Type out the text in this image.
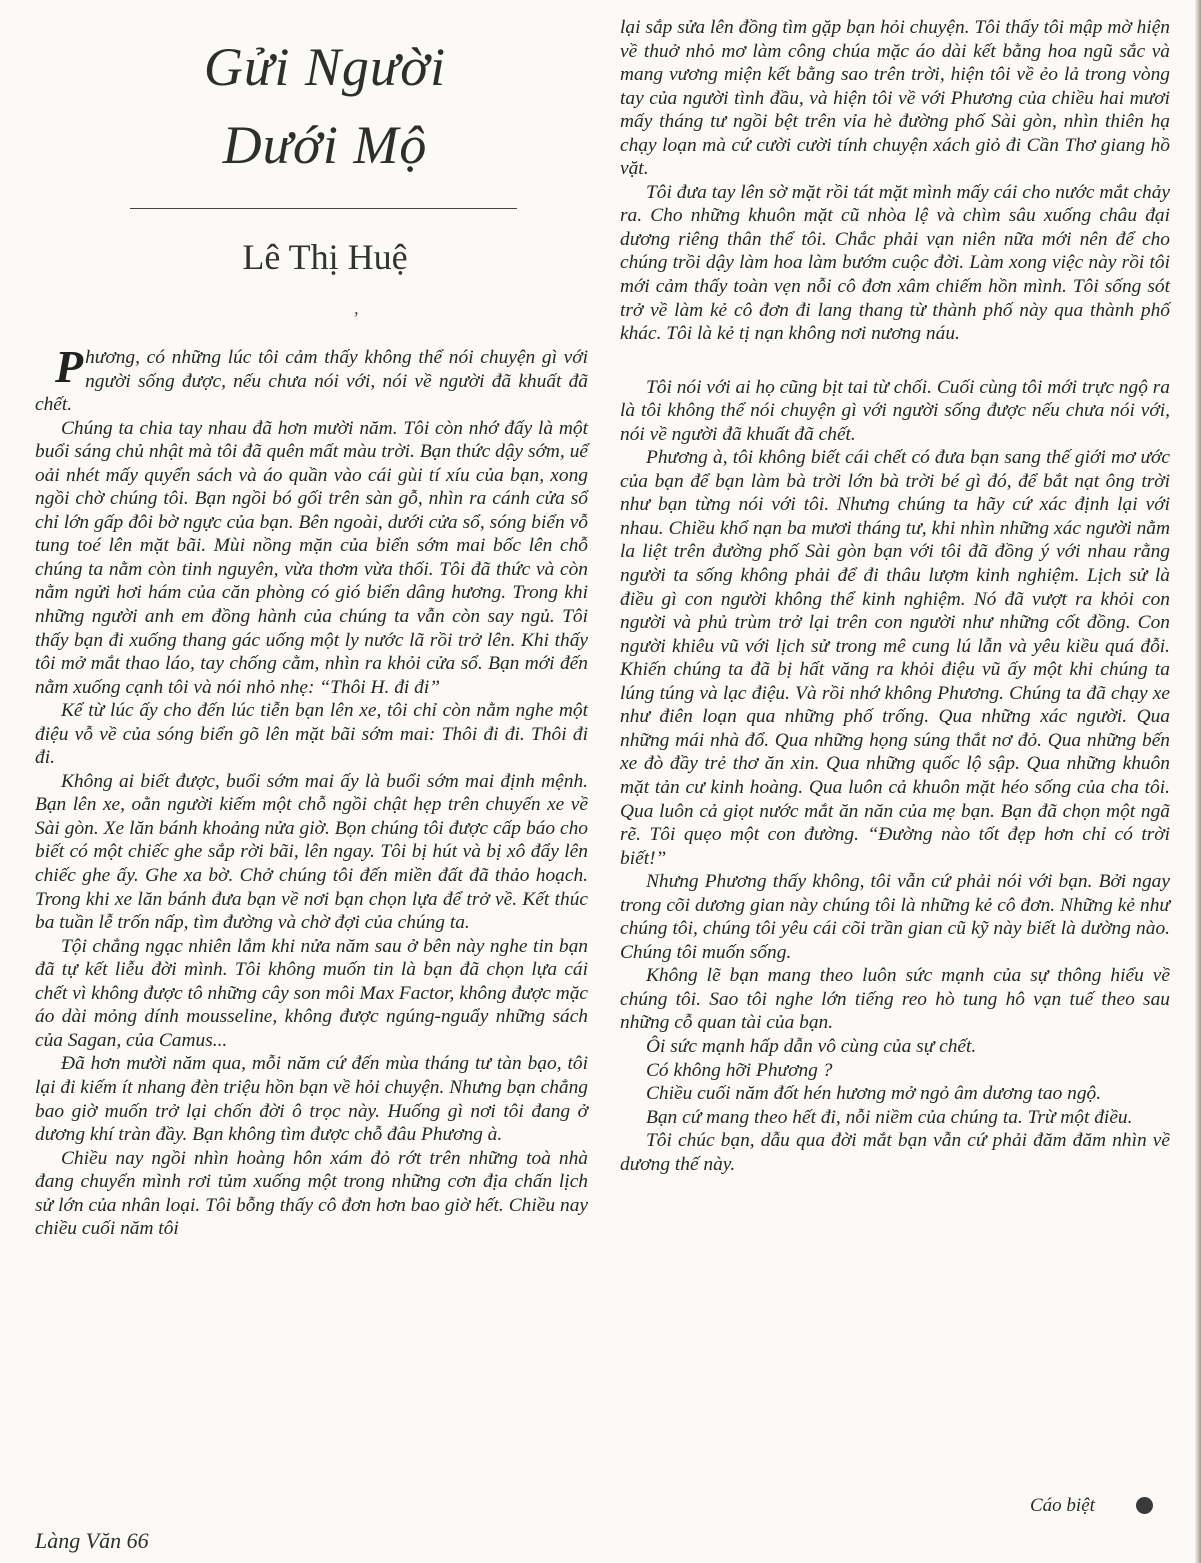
Gửi Người
Dưới Mộ
Lê Thị Huệ
ʼ

Phương, có những lúc tôi cảm thấy không thể nói chuyện gì với người sống được, nếu chưa nói với, nói về người đã khuất đã chết.

Chúng ta chia tay nhau đã hơn mười năm. Tôi còn nhớ đấy là một buổi sáng chủ nhật mà tôi đã quên mất màu trời. Bạn thức dậy sớm, uể oải nhét mấy quyển sách và áo quần vào cái gùi tí xíu của bạn, xong ngồi chờ chúng tôi. Bạn ngồi bó gối trên sàn gỗ, nhìn ra cánh cửa sổ chỉ lớn gấp đôi bờ ngực của bạn. Bên ngoài, dưới cửa sổ, sóng biển vỗ tung toé lên mặt bãi. Mùi nồng mặn của biển sớm mai bốc lên chỗ chúng ta nằm còn tinh nguyên, vừa thơm vừa thối. Tôi đã thức và còn nằm ngửi hơi hám của căn phòng có gió biển dâng hương. Trong khi những người anh em đồng hành của chúng ta vẫn còn say ngủ. Tôi thấy bạn đi xuống thang gác uống một ly nước lã rồi trở lên. Khi thấy tôi mở mắt thao láo, tay chống cằm, nhìn ra khỏi cửa sổ. Bạn mới đến nằm xuống cạnh tôi và nói nhỏ nhẹ: “Thôi H. đi đi”

Kể từ lúc ấy cho đến lúc tiễn bạn lên xe, tôi chỉ còn nằm nghe một điệu vỗ về của sóng biển gõ lên mặt bãi sớm mai: Thôi đi đi. Thôi đi đi.

Không ai biết được, buổi sớm mai ấy là buổi sớm mai định mệnh. Bạn lên xe, oằn người kiếm một chỗ ngồi chật hẹp trên chuyến xe về Sài gòn. Xe lăn bánh khoảng nửa giờ. Bọn chúng tôi được cấp báo cho biết có một chiếc ghe sắp rời bãi, lên ngay. Tôi bị hút và bị xô đẩy lên chiếc ghe ấy. Ghe xa bờ. Chở chúng tôi đến miền đất đã thảo hoạch. Trong khi xe lăn bánh đưa bạn về nơi bạn chọn lựa để trở về. Kết thúc ba tuần lễ trốn nấp, tìm đường và chờ đợi của chúng ta.

Tội chẳng ngạc nhiên lắm khi nửa năm sau ở bên này nghe tin bạn đã tự kết liễu đời mình. Tôi không muốn tin là bạn đã chọn lựa cái chết vì không được tô những cây son môi Max Factor, không được mặc áo dài mỏng dính mousseline, không được ngúng-nguẩy những sách của Sagan, của Camus...

Đã hơn mười năm qua, mỗi năm cứ đến mùa tháng tư tàn bạo, tôi lại đi kiếm ít nhang đèn triệu hồn bạn về hỏi chuyện. Nhưng bạn chẳng bao giờ muốn trở lại chốn đời ô trọc này. Huống gì nơi tôi đang ở dương khí tràn đầy. Bạn không tìm được chỗ đâu Phương à.

Chiều nay ngồi nhìn hoàng hôn xám đỏ rớt trên những toà nhà đang chuyển mình rơi tủm xuống một trong những cơn địa chấn lịch sử lớn của nhân loại. Tôi bỗng thấy cô đơn hơn bao giờ hết. Chiều nay chiều cuối năm tôi

lại sắp sửa lên đồng tìm gặp bạn hỏi chuyện. Tôi thấy tôi mập mờ hiện về thuở nhỏ mơ làm công chúa mặc áo dài kết bằng hoa ngũ sắc và mang vương miện kết bằng sao trên trời, hiện tôi về ẻo lả trong vòng tay của người tình đầu, và hiện tôi về với Phương của chiều hai mươi mấy tháng tư ngồi bệt trên vỉa hè đường phố Sài gòn, nhìn thiên hạ chạy loạn mà cứ cười cười tính chuyện xách giỏ đi Cần Thơ giang hồ vặt.

Tôi đưa tay lên sờ mặt rồi tát mặt mình mấy cái cho nước mắt chảy ra. Cho những khuôn mặt cũ nhòa lệ và chìm sâu xuống châu đại dương riêng thân thể tôi. Chắc phải vạn niên nữa mới nên để cho chúng trồi dậy làm hoa làm bướm cuộc đời. Làm xong việc này rồi tôi mới cảm thấy toàn vẹn nỗi cô đơn xâm chiếm hồn mình. Tôi sống sót trở về làm kẻ cô đơn đi lang thang từ thành phố này qua thành phố khác. Tôi là kẻ tị nạn không nơi nương náu.

Tôi nói với ai họ cũng bịt tai từ chối. Cuối cùng tôi mới trực ngộ ra là tôi không thể nói chuyện gì với người sống được nếu chưa nói với, nói về người đã khuất đã chết.

Phương à, tôi không biết cái chết có đưa bạn sang thế giới mơ ước của bạn để bạn làm bà trời lớn bà trời bé gì đó, để bắt nạt ông trời như bạn từng nói với tôi. Nhưng chúng ta hãy cứ xác định lại với nhau. Chiều khổ nạn ba mươi tháng tư, khi nhìn những xác người nằm la liệt trên đường phố Sài gòn bạn với tôi đã đồng ý với nhau rằng người ta sống không phải để đi thâu lượm kinh nghiệm. Lịch sử là điều gì con người không thể kinh nghiệm. Nó đã vượt ra khỏi con người và phủ trùm trở lại trên con người như những cốt đồng. Con người khiêu vũ với lịch sử trong mê cung lú lẫn và yêu kiều quá đỗi. Khiến chúng ta đã bị hất văng ra khỏi điệu vũ ấy một khi chúng ta lúng túng và lạc điệu. Và rồi nhớ không Phương. Chúng ta đã chạy xe như điên loạn qua những phố trống. Qua những xác người. Qua những mái nhà đổ. Qua những họng súng thắt nơ đỏ. Qua những bến xe đò đầy trẻ thơ ăn xin. Qua những quốc lộ sập. Qua những khuôn mặt tản cư kinh hoàng. Qua luôn cả khuôn mặt héo sống của cha tôi. Qua luôn cả giọt nước mắt ăn năn của mẹ bạn. Bạn đã chọn một ngã rẽ. Tôi quẹo một con đường. “Đường nào tốt đẹp hơn chỉ có trời biết!”

Nhưng Phương thấy không, tôi vẫn cứ phải nói với bạn. Bởi ngay trong cõi dương gian này chúng tôi là những kẻ cô đơn. Những kẻ như chúng tôi, chúng tôi yêu cái cõi trần gian cũ kỹ này biết là dường nào. Chúng tôi muốn sống.

Không lẽ bạn mang theo luôn sức mạnh của sự thông hiểu về chúng tôi. Sao tôi nghe lớn tiếng reo hò tung hô vạn tuế theo sau những cỗ quan tài của bạn.

Ôi sức mạnh hấp dẫn vô cùng của sự chết.

Có không hỡi Phương ?

Chiều cuối năm đốt hén hương mở ngỏ âm dương tao ngộ.

Bạn cứ mang theo hết đi, nỗi niềm của chúng ta. Trừ một điều.

Tôi chúc bạn, dẫu qua đời mắt bạn vẫn cứ phải đăm đăm nhìn về dương thế này.

Cáo biệt
Làng Văn 66
